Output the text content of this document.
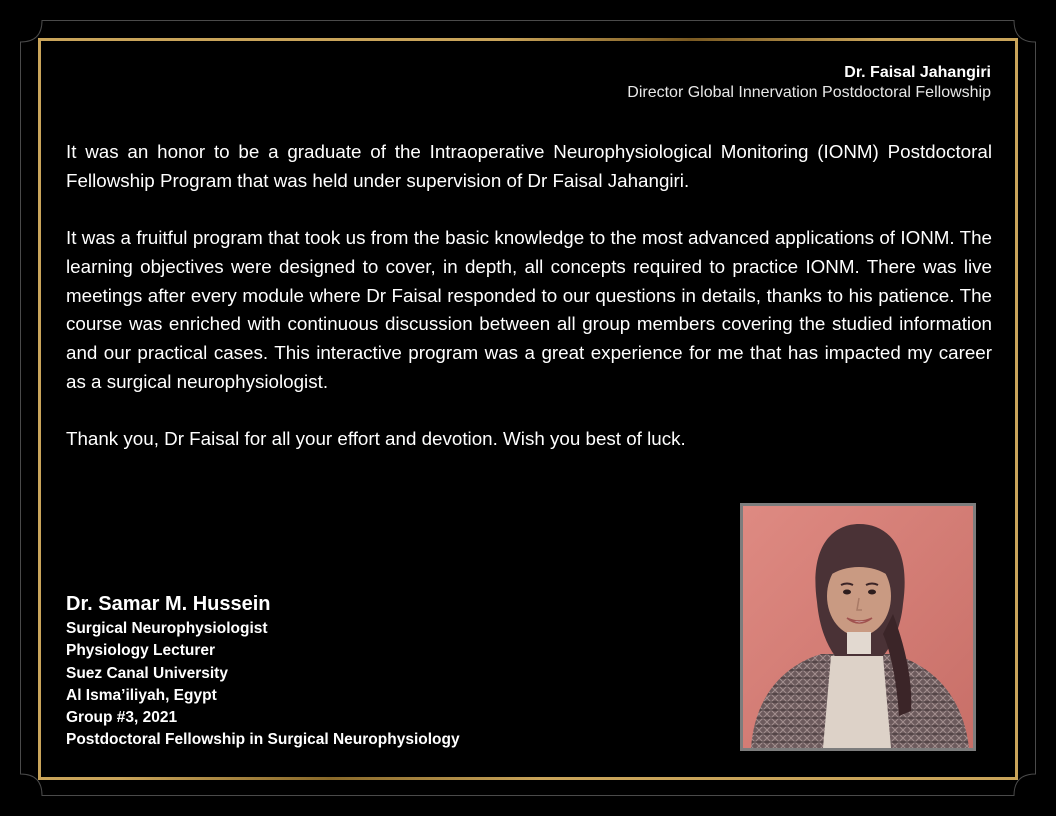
Dr. Faisal Jahangiri
Director Global Innervation Postdoctoral Fellowship

It was an honor to be a graduate of the Intraoperative Neurophysiological Monitoring (IONM) Postdoctoral Fellowship Program that was held under supervision of Dr Faisal Jahangiri.

It was a fruitful program that took us from the basic knowledge to the most advanced applications of IONM. The learning objectives were designed to cover, in depth, all concepts required to practice IONM. There was live meetings after every module where Dr Faisal responded to our questions in details, thanks to his patience. The course was enriched with continuous discussion between all group members covering the studied information and our practical cases. This interactive program was a great experience for me that has impacted my career as a surgical neurophysiologist.

Thank you, Dr Faisal for all your effort and devotion. Wish you best of luck.

Dr. Samar M. Hussein
Surgical Neurophysiologist
Physiology Lecturer
Suez Canal University
Al Isma’iliyah, Egypt
Group #3, 2021
Postdoctoral Fellowship in Surgical Neurophysiology
